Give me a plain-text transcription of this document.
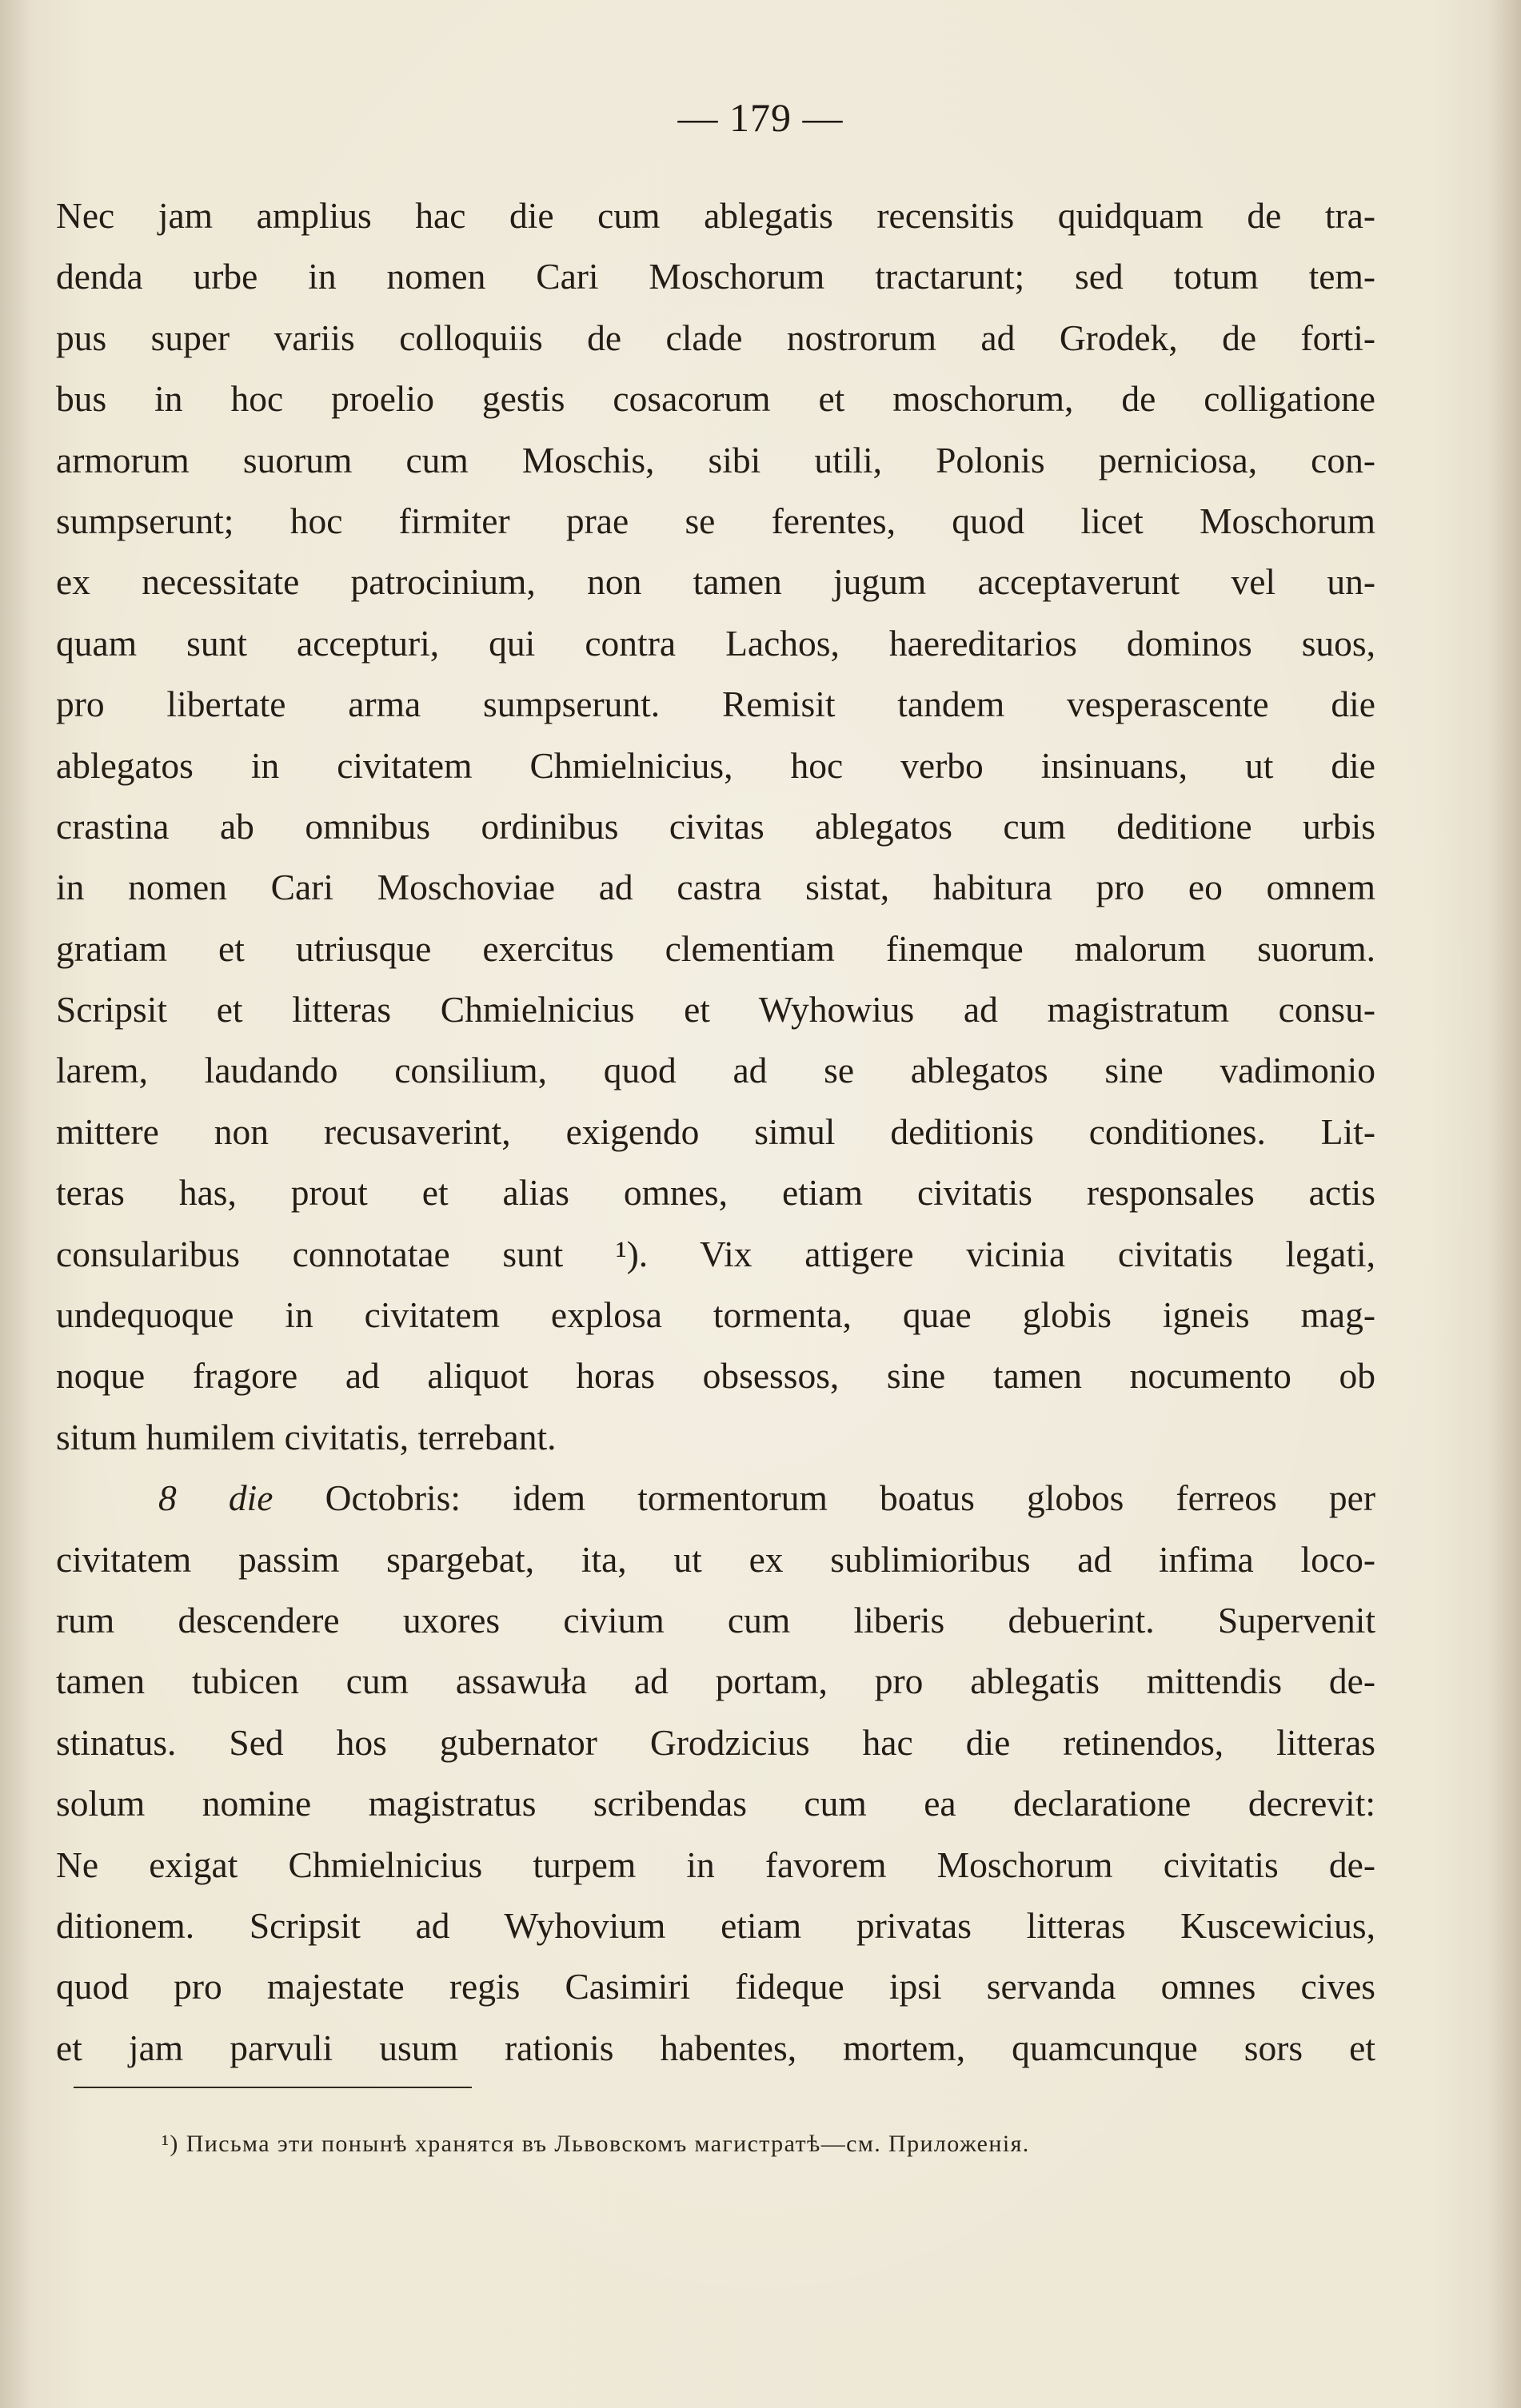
— 179 —
Nec jam amplius hac die cum ablegatis recensitis quidquam de tra-
denda urbe in nomen Cari Moschorum tractarunt; sed totum tem-
pus super variis colloquiis de clade nostrorum ad Grodek, de forti-
bus in hoc proelio gestis cosacorum et moschorum, de colligatione
armorum suorum cum Moschis, sibi utili, Polonis perniciosa, con-
sumpserunt; hoc firmiter prae se ferentes, quod licet Moschorum
ex necessitate patrocinium, non tamen jugum acceptaverunt vel un-
quam sunt accepturi, qui contra Lachos, haereditarios dominos suos,
pro libertate arma sumpserunt. Remisit tandem vesperascente die
ablegatos in civitatem Chmielnicius, hoc verbo insinuans, ut die
crastina ab omnibus ordinibus civitas ablegatos cum deditione urbis
in nomen Cari Moschoviae ad castra sistat, habitura pro eo omnem
gratiam et utriusque exercitus clementiam finemque malorum suorum.
Scripsit et litteras Chmielnicius et Wyhowius ad magistratum consu-
larem, laudando consilium, quod ad se ablegatos sine vadimonio
mittere non recusaverint, exigendo simul deditionis conditiones. Lit-
teras has, prout et alias omnes, etiam civitatis responsales actis
consularibus connotatae sunt ¹). Vix attigere vicinia civitatis legati,
undequoque in civitatem explosa tormenta, quae globis igneis mag-
noque fragore ad aliquot horas obsessos, sine tamen nocumento ob
situm humilem civitatis, terrebant.
8 die Octobris: idem tormentorum boatus globos ferreos per
civitatem passim spargebat, ita, ut ex sublimioribus ad infima loco-
rum descendere uxores civium cum liberis debuerint. Supervenit
tamen tubicen cum assawuła ad portam, pro ablegatis mittendis de-
stinatus. Sed hos gubernator Grodzicius hac die retinendos, litteras
solum nomine magistratus scribendas cum ea declaratione decrevit:
Ne exigat Chmielnicius turpem in favorem Moschorum civitatis de-
ditionem. Scripsit ad Wyhovium etiam privatas litteras Kuscewicius,
quod pro majestate regis Casimiri fideque ipsi servanda omnes cives
et jam parvuli usum rationis habentes, mortem, quamcunque sors et
¹) Письма эти понынѣ хранятся въ Львовскомъ магистратѣ—см. Приложенія.
